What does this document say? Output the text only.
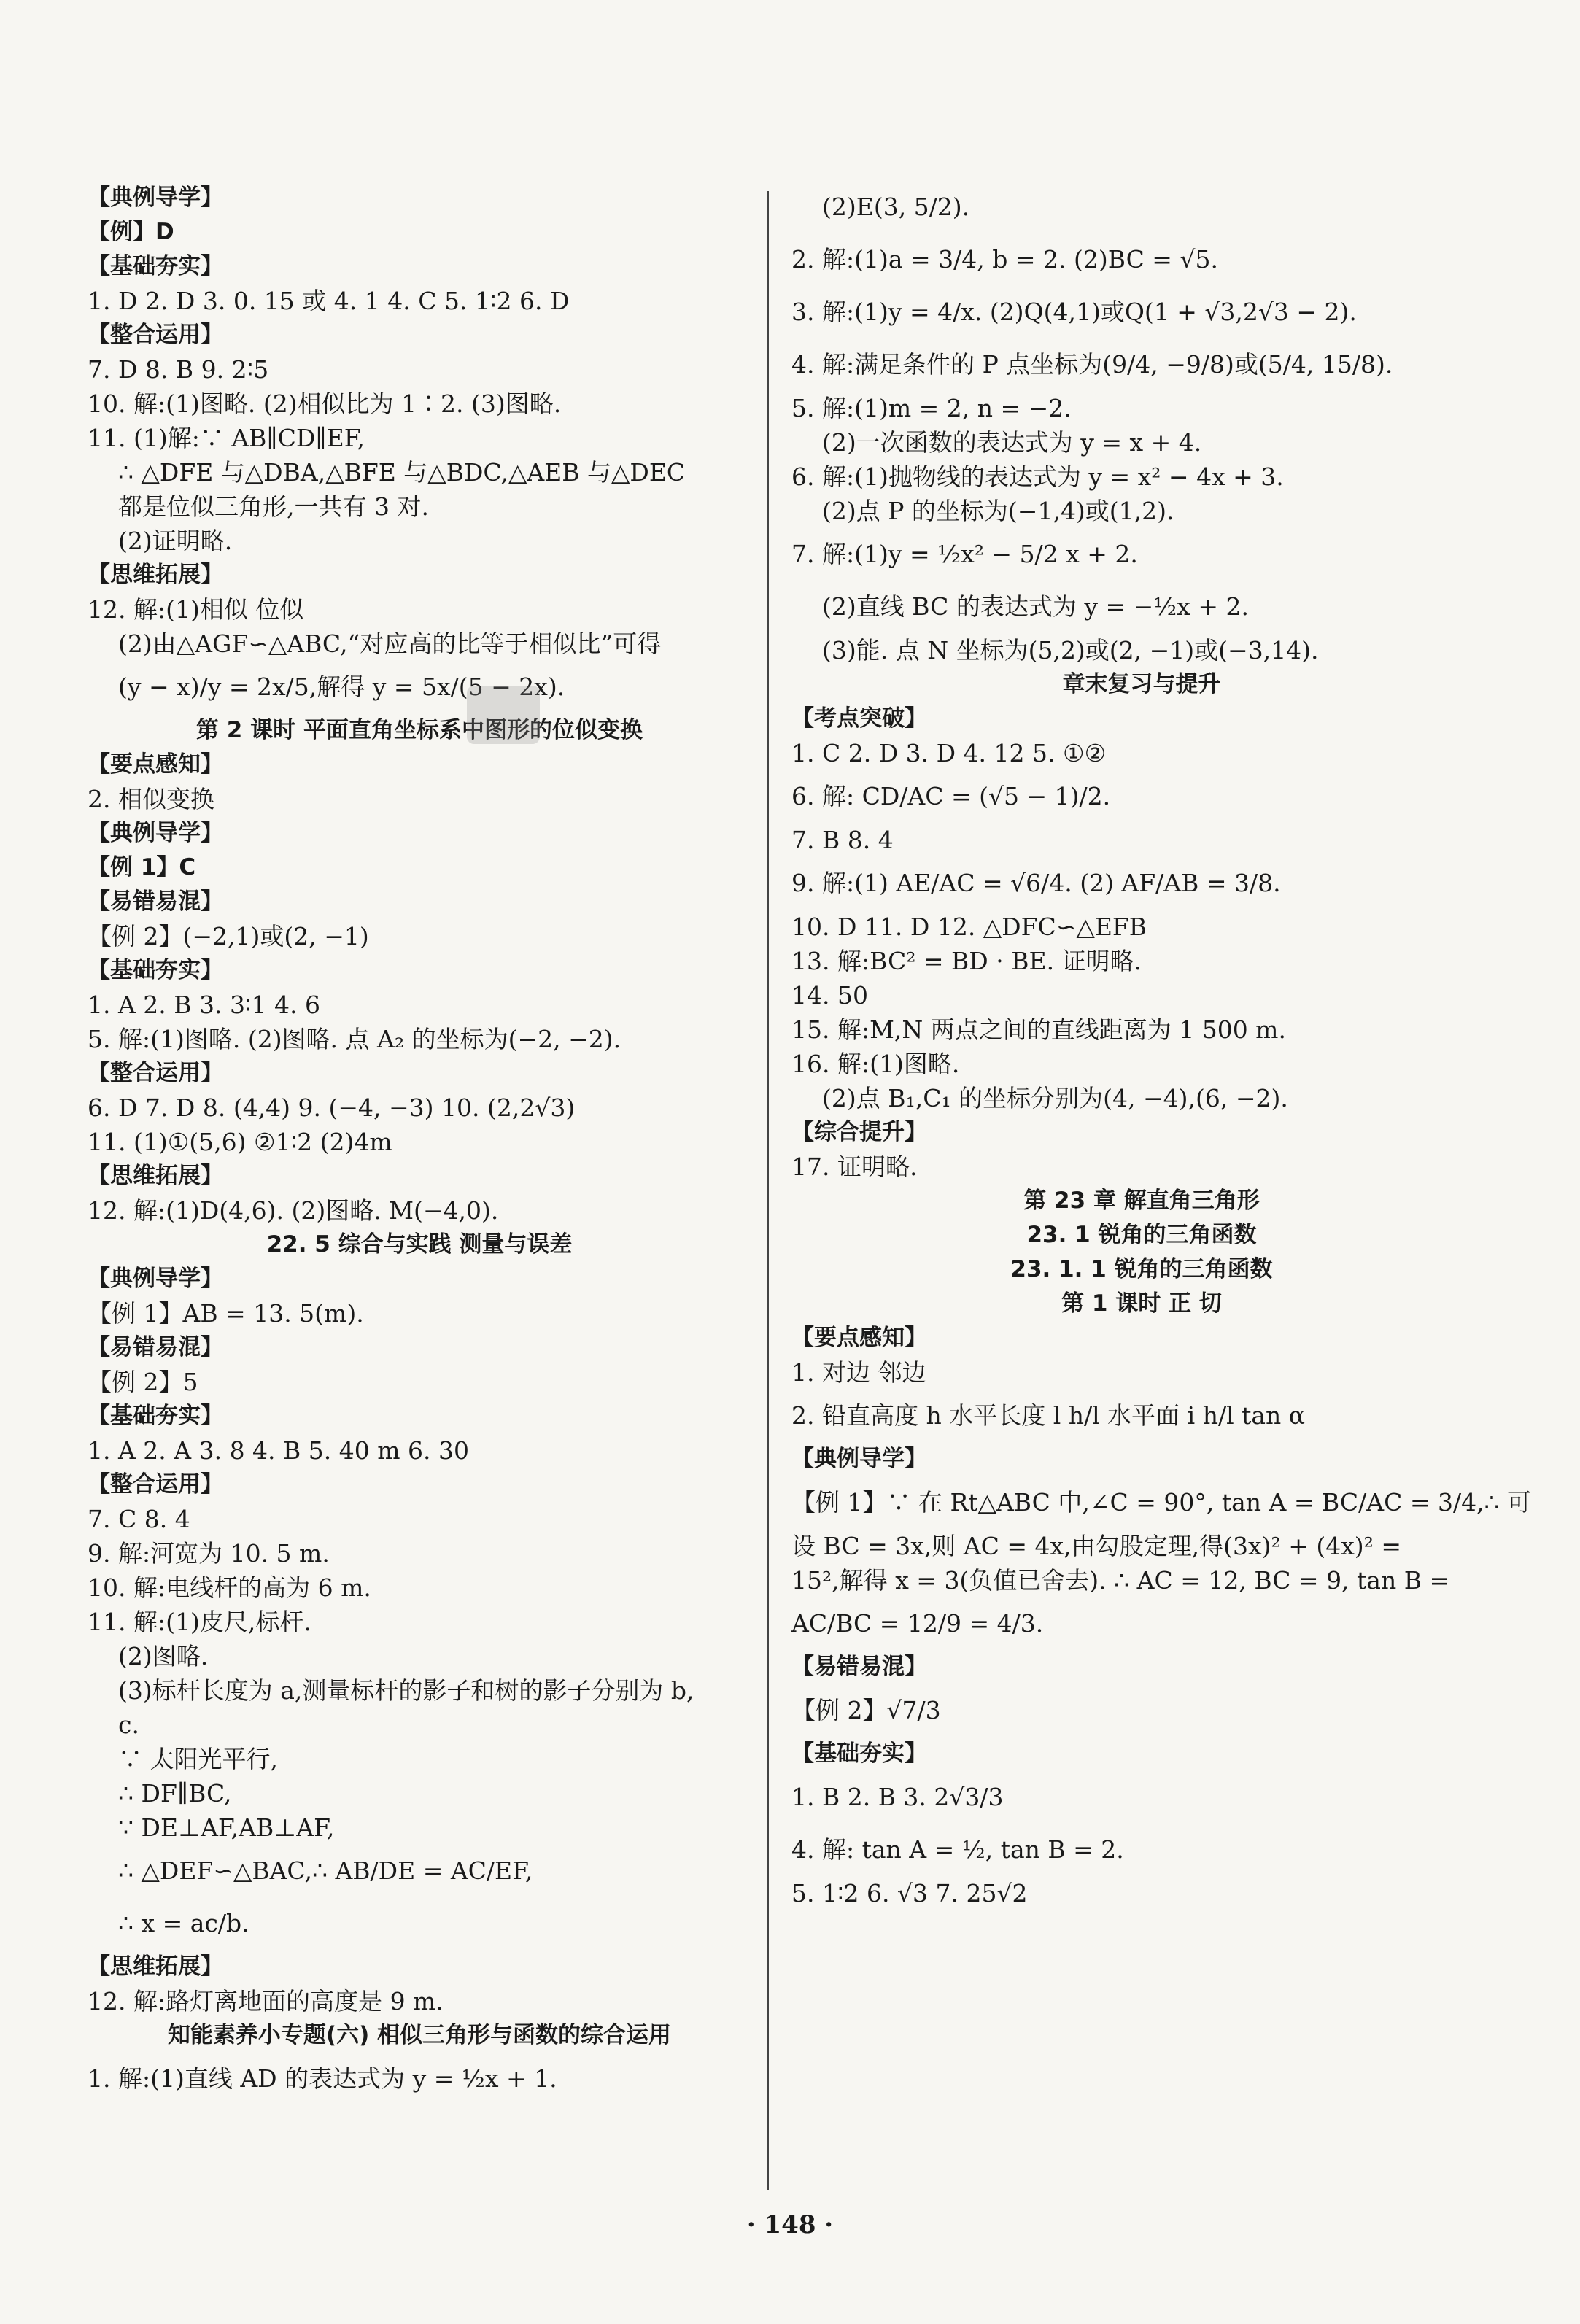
【典例导学】
【例】D
【基础夯实】
1. D 2. D 3. 0. 15 或 4. 1 4. C 5. 1∶2 6. D
【整合运用】
7. D 8. B 9. 2∶5
10. 解:(1)图略. (2)相似比为 1∶2. (3)图略.
11. (1)解:∵ AB∥CD∥EF,
∴ △DFE 与△DBA,△BFE 与△BDC,△AEB 与△DEC
都是位似三角形,一共有 3 对.
(2)证明略.
【思维拓展】
12. 解:(1)相似 位似
(2)由△AGF∽△ABC,“对应高的比等于相似比”可得
(y − x)/y = 2x/5,解得 y = 5x/(5 − 2x).
第 2 课时 平面直角坐标系中图形的位似变换
【要点感知】
2. 相似变换
【典例导学】
【例 1】C
【易错易混】
【例 2】(−2,1)或(2, −1)
【基础夯实】
1. A 2. B 3. 3∶1 4. 6
5. 解:(1)图略. (2)图略. 点 A₂ 的坐标为(−2, −2).
【整合运用】
6. D 7. D 8. (4,4) 9. (−4, −3) 10. (2,2√3)
11. (1)①(5,6) ②1∶2 (2)4m
【思维拓展】
12. 解:(1)D(4,6). (2)图略. M(−4,0).
22. 5 综合与实践 测量与误差
【典例导学】
【例 1】AB = 13. 5(m).
【易错易混】
【例 2】5
【基础夯实】
1. A 2. A 3. 8 4. B 5. 40 m 6. 30
【整合运用】
7. C 8. 4
9. 解:河宽为 10. 5 m.
10. 解:电线杆的高为 6 m.
11. 解:(1)皮尺,标杆.
(2)图略.
(3)标杆长度为 a,测量标杆的影子和树的影子分别为 b,
c.
∵ 太阳光平行,
∴ DF∥BC,
∵ DE⊥AF,AB⊥AF,
∴ △DEF∽△BAC,∴ AB/DE = AC/EF,
∴ x = ac/b.
【思维拓展】
12. 解:路灯离地面的高度是 9 m.
知能素养小专题(六) 相似三角形与函数的综合运用
1. 解:(1)直线 AD 的表达式为 y = ½x + 1.
(2)E(3, 5/2).
2. 解:(1)a = 3/4, b = 2. (2)BC = √5.
3. 解:(1)y = 4/x. (2)Q(4,1)或Q(1 + √3,2√3 − 2).
4. 解:满足条件的 P 点坐标为(9/4, −9/8)或(5/4, 15/8).
5. 解:(1)m = 2, n = −2.
(2)一次函数的表达式为 y = x + 4.
6. 解:(1)抛物线的表达式为 y = x² − 4x + 3.
(2)点 P 的坐标为(−1,4)或(1,2).
7. 解:(1)y = ½x² − 5/2 x + 2.
(2)直线 BC 的表达式为 y = −½x + 2.
(3)能. 点 N 坐标为(5,2)或(2, −1)或(−3,14).
章末复习与提升
【考点突破】
1. C 2. D 3. D 4. 12 5. ①②
6. 解: CD/AC = (√5 − 1)/2.
7. B 8. 4
9. 解:(1) AE/AC = √6/4. (2) AF/AB = 3/8.
10. D 11. D 12. △DFC∽△EFB
13. 解:BC² = BD · BE. 证明略.
14. 50
15. 解:M,N 两点之间的直线距离为 1 500 m.
16. 解:(1)图略.
(2)点 B₁,C₁ 的坐标分别为(4, −4),(6, −2).
【综合提升】
17. 证明略.
第 23 章 解直角三角形
23. 1 锐角的三角函数
23. 1. 1 锐角的三角函数
第 1 课时 正 切
【要点感知】
1. 对边 邻边
2. 铅直高度 h 水平长度 l h/l 水平面 i h/l tan α
【典例导学】
【例 1】∵ 在 Rt△ABC 中,∠C = 90°, tan A = BC/AC = 3/4,∴ 可
设 BC = 3x,则 AC = 4x,由勾股定理,得(3x)² + (4x)² =
15²,解得 x = 3(负值已舍去). ∴ AC = 12, BC = 9, tan B =
AC/BC = 12/9 = 4/3.
【易错易混】
【例 2】√7/3
【基础夯实】
1. B 2. B 3. 2√3/3
4. 解: tan A = ½, tan B = 2.
5. 1∶2 6. √3 7. 25√2
· 148 ·
